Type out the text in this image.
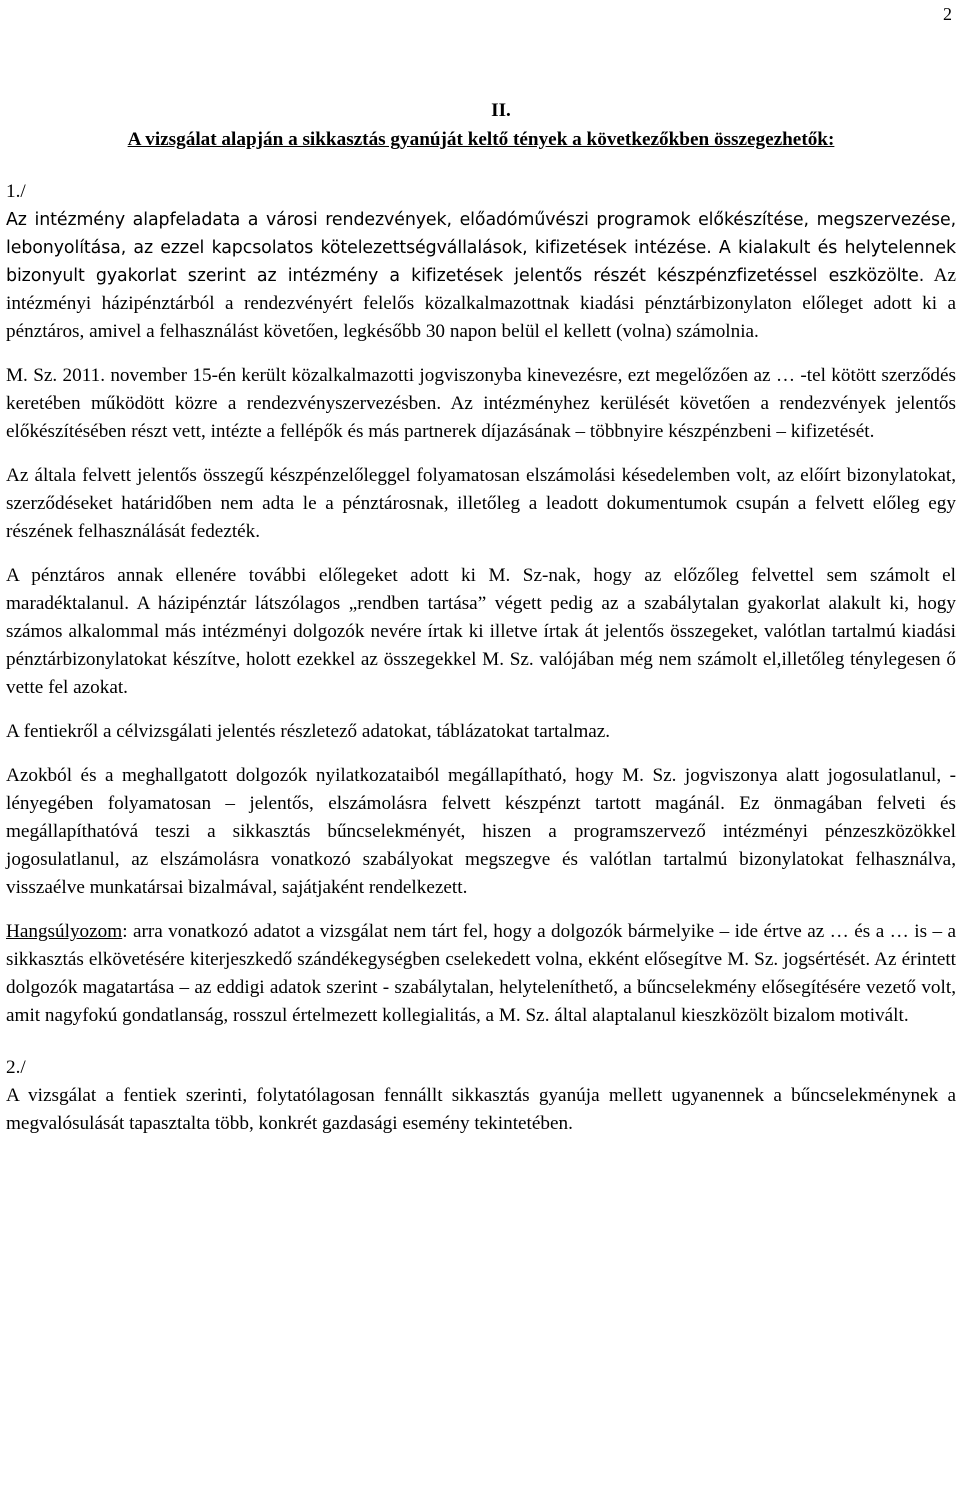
2
II.
A vizsgálat alapján a sikkasztás gyanúját keltő tények a következőkben összegezhetők:
1./

Az intézmény alapfeladata a városi rendezvények, előadóművészi programok előkészítése, megszervezése, lebonyolítása, az ezzel kapcsolatos kötelezettségvállalások, kifizetések intézése. A kialakult és helytelennek bizonyult gyakorlat szerint az intézmény a kifizetések jelentős részét készpénzfizetéssel eszközölte. Az intézményi házipénztárból a rendezvényért felelős közalkalmazottnak kiadási pénztárbizonylaton előleget adott ki a pénztáros, amivel a felhasználást követően, legkésőbb 30 napon belül el kellett (volna) számolnia.

M. Sz. 2011. november 15-én került közalkalmazotti jogviszonyba kinevezésre, ezt megelőzően az … -tel kötött szerződés keretében működött közre a rendezvényszervezésben. Az intézményhez kerülését követően a rendezvények jelentős előkészítésében részt vett, intézte a fellépők és más partnerek díjazásának – többnyire készpénzbeni – kifizetését.

Az általa felvett jelentős összegű készpénzelőleggel folyamatosan elszámolási késedelemben volt, az előírt bizonylatokat, szerződéseket határidőben nem adta le a pénztárosnak, illetőleg a leadott dokumentumok csupán a felvett előleg egy részének felhasználását fedezték.

A pénztáros annak ellenére további előlegeket adott ki M. Sz-nak, hogy az előzőleg felvettel sem számolt el maradéktalanul. A házipénztár látszólagos „rendben tartása” végett pedig az a szabálytalan gyakorlat alakult ki, hogy számos alkalommal más intézményi dolgozók nevére írtak ki illetve írtak át jelentős összegeket, valótlan tartalmú kiadási pénztárbizonylatokat készítve, holott ezekkel az összegekkel M. Sz. valójában még nem számolt el,illetőleg ténylegesen ő vette fel azokat.

A fentiekről a célvizsgálati jelentés részletező adatokat, táblázatokat tartalmaz.

Azokból és a meghallgatott dolgozók nyilatkozataiból megállapítható, hogy M. Sz. jogviszonya alatt jogosulatlanul, - lényegében folyamatosan – jelentős, elszámolásra felvett készpénzt tartott magánál. Ez önmagában felveti és megállapíthatóvá teszi a sikkasztás bűncselekményét, hiszen a programszervező intézményi pénzeszközökkel jogosulatlanul, az elszámolásra vonatkozó szabályokat megszegve és valótlan tartalmú bizonylatokat felhasználva, visszaélve munkatársai bizalmával, sajátjaként rendelkezett.

Hangsúlyozom: arra vonatkozó adatot a vizsgálat nem tárt fel, hogy a dolgozók bármelyike – ide értve az … és a … is – a sikkasztás elkövetésére kiterjeszkedő szándékegységben cselekedett volna, ekként elősegítve M. Sz. jogsértését. Az érintett dolgozók magatartása – az eddigi adatok szerint - szabálytalan, helyteleníthető, a bűncselekmény elősegítésére vezető volt, amit nagyfokú gondatlanság, rosszul értelmezett kollegialitás, a M. Sz. által alaptalanul kieszközölt bizalom motivált.

2./

A vizsgálat a fentiek szerinti, folytatólagosan fennállt sikkasztás gyanúja mellett ugyanennek a bűncselekménynek a megvalósulását tapasztalta több, konkrét gazdasági esemény tekintetében.
